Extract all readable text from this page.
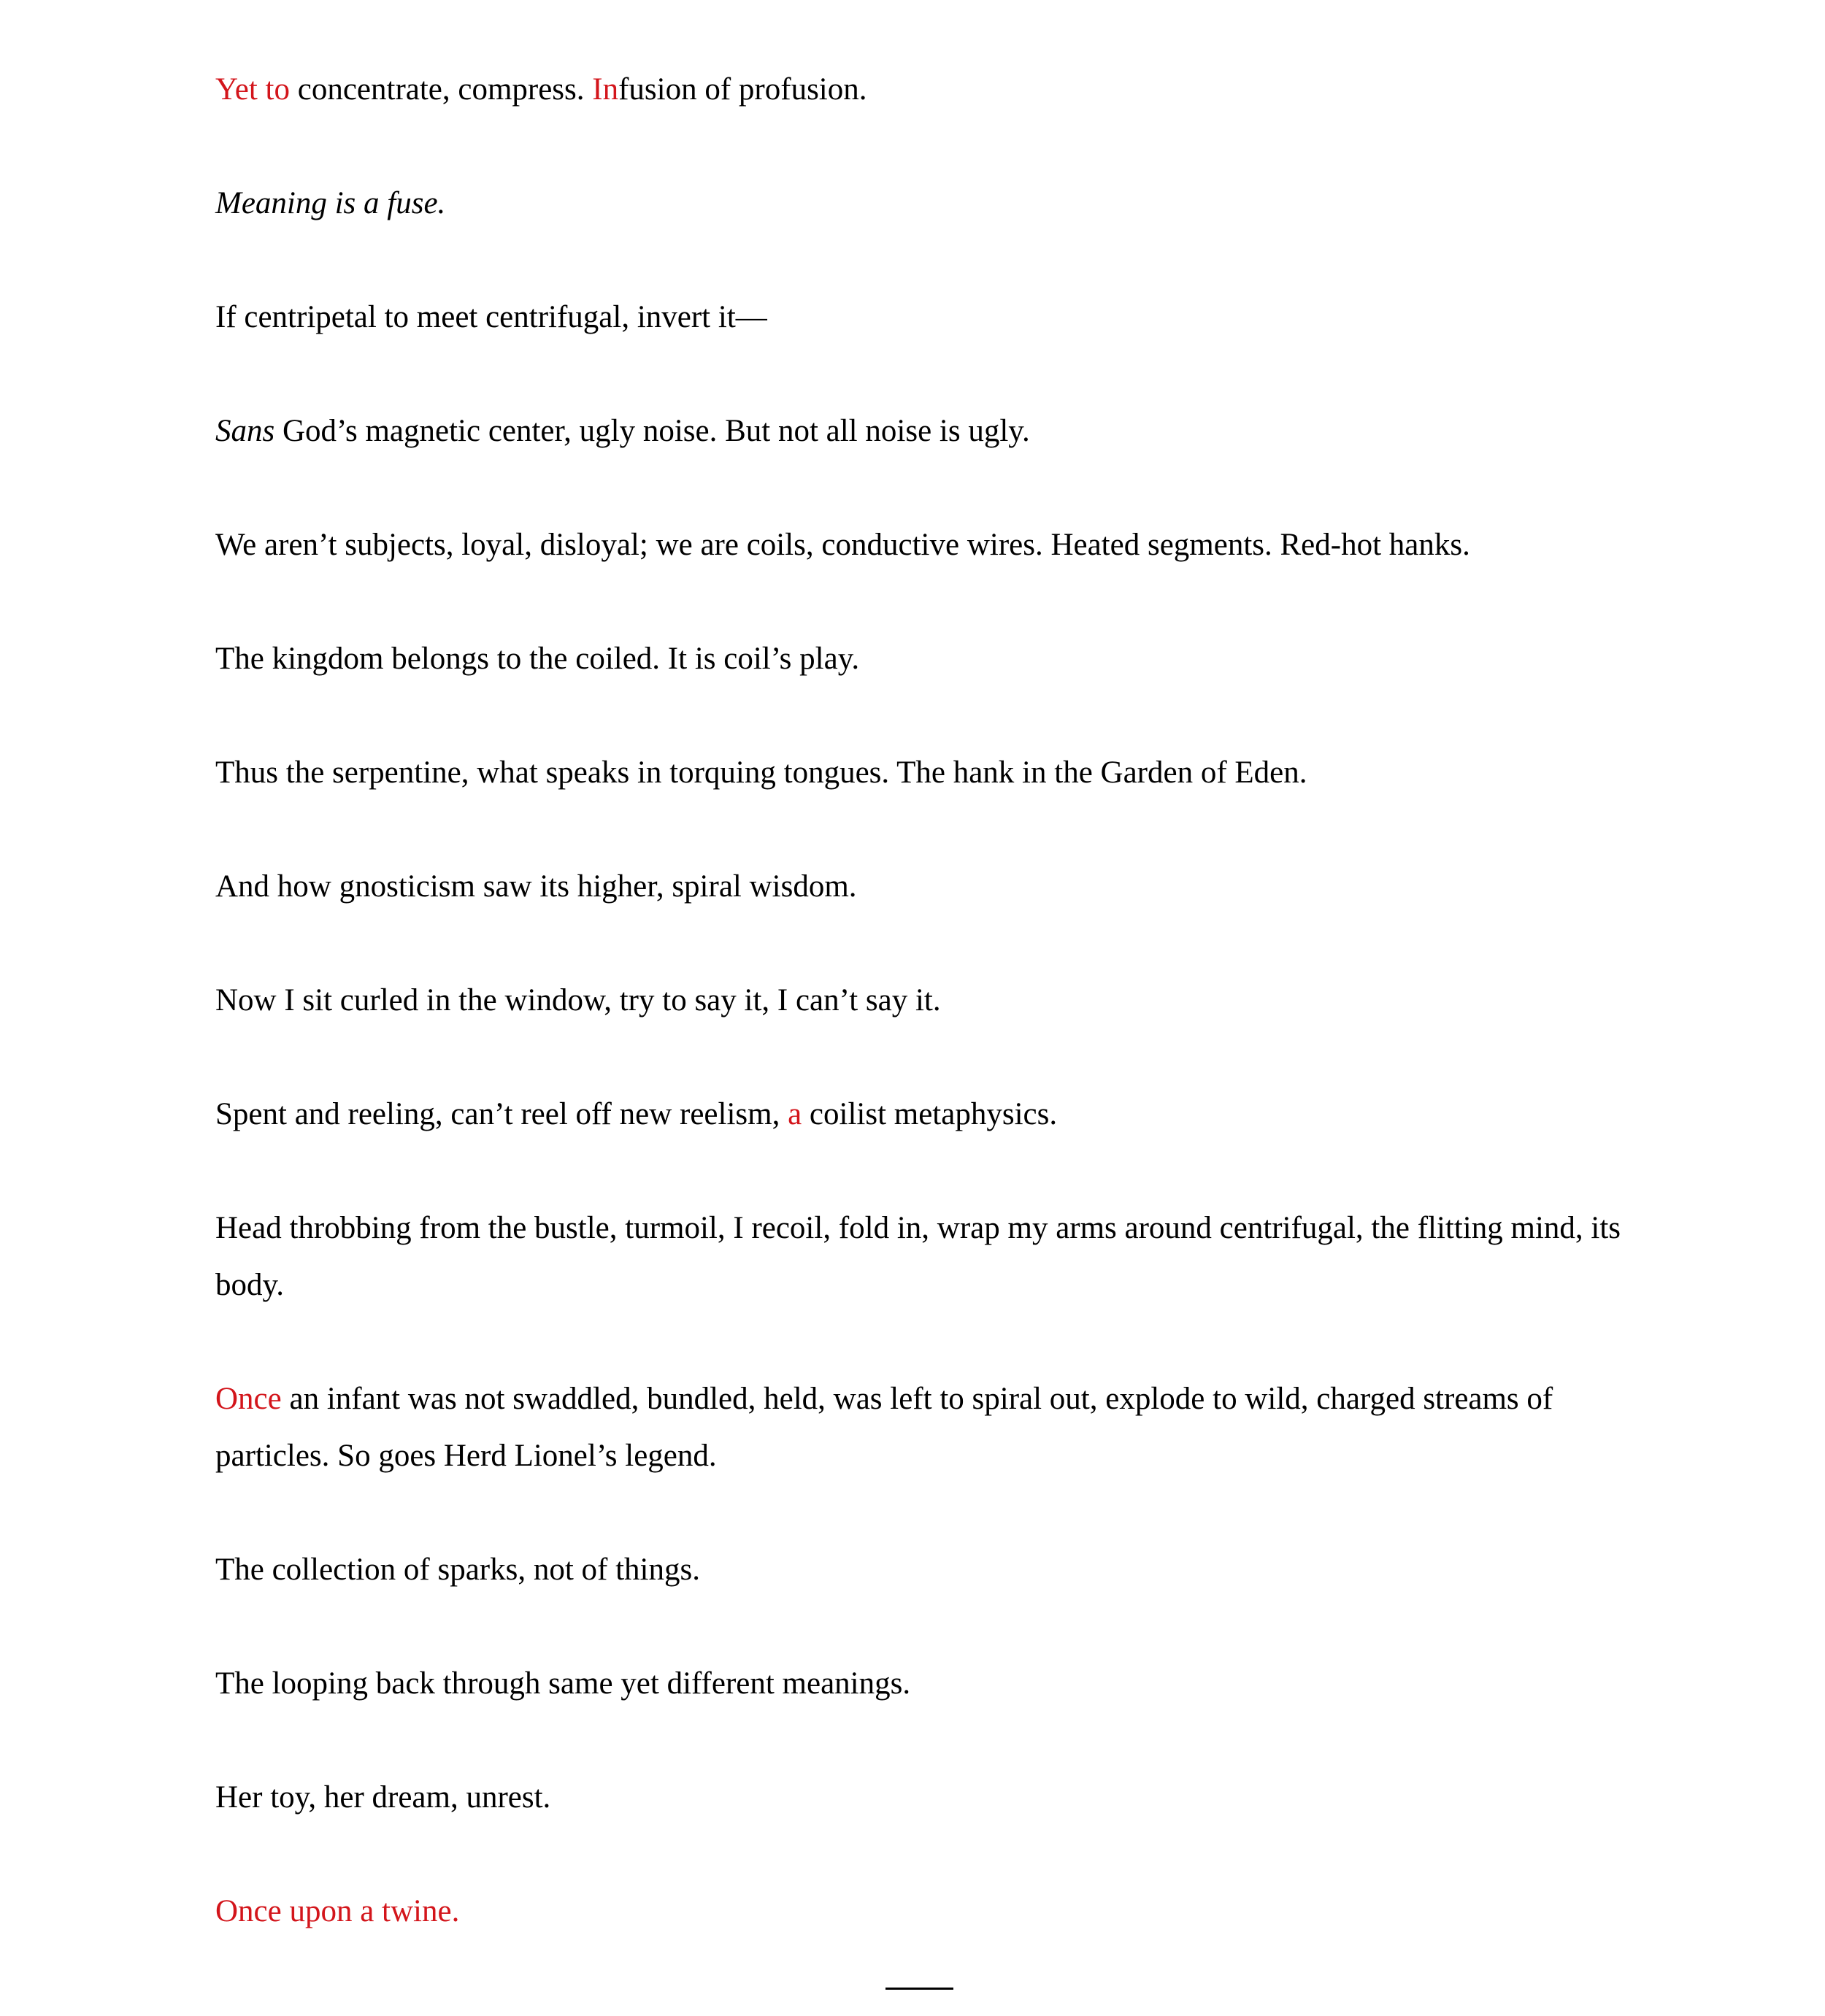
Yet to concentrate, compress. Infusion of profusion.

Meaning is a fuse.

If centripetal to meet centrifugal, invert it—

Sans God’s magnetic center, ugly noise. But not all noise is ugly.

We aren’t subjects, loyal, disloyal; we are coils, conductive wires. Heated segments. Red-hot hanks.

The kingdom belongs to the coiled. It is coil’s play.

Thus the serpentine, what speaks in torquing tongues. The hank in the Garden of Eden.

And how gnosticism saw its higher, spiral wisdom.

Now I sit curled in the window, try to say it, I can’t say it.

Spent and reeling, can’t reel off new reelism, a coilist metaphysics.

Head throbbing from the bustle, turmoil, I recoil, fold in, wrap my arms around centrifugal, the flitting mind, its body.

Once an infant was not swaddled, bundled, held, was left to spiral out, explode to wild, charged streams of particles. So goes Herd Lionel’s legend.

The collection of sparks, not of things.

The looping back through same yet different meanings.

Her toy, her dream, unrest.

Once upon a twine.
